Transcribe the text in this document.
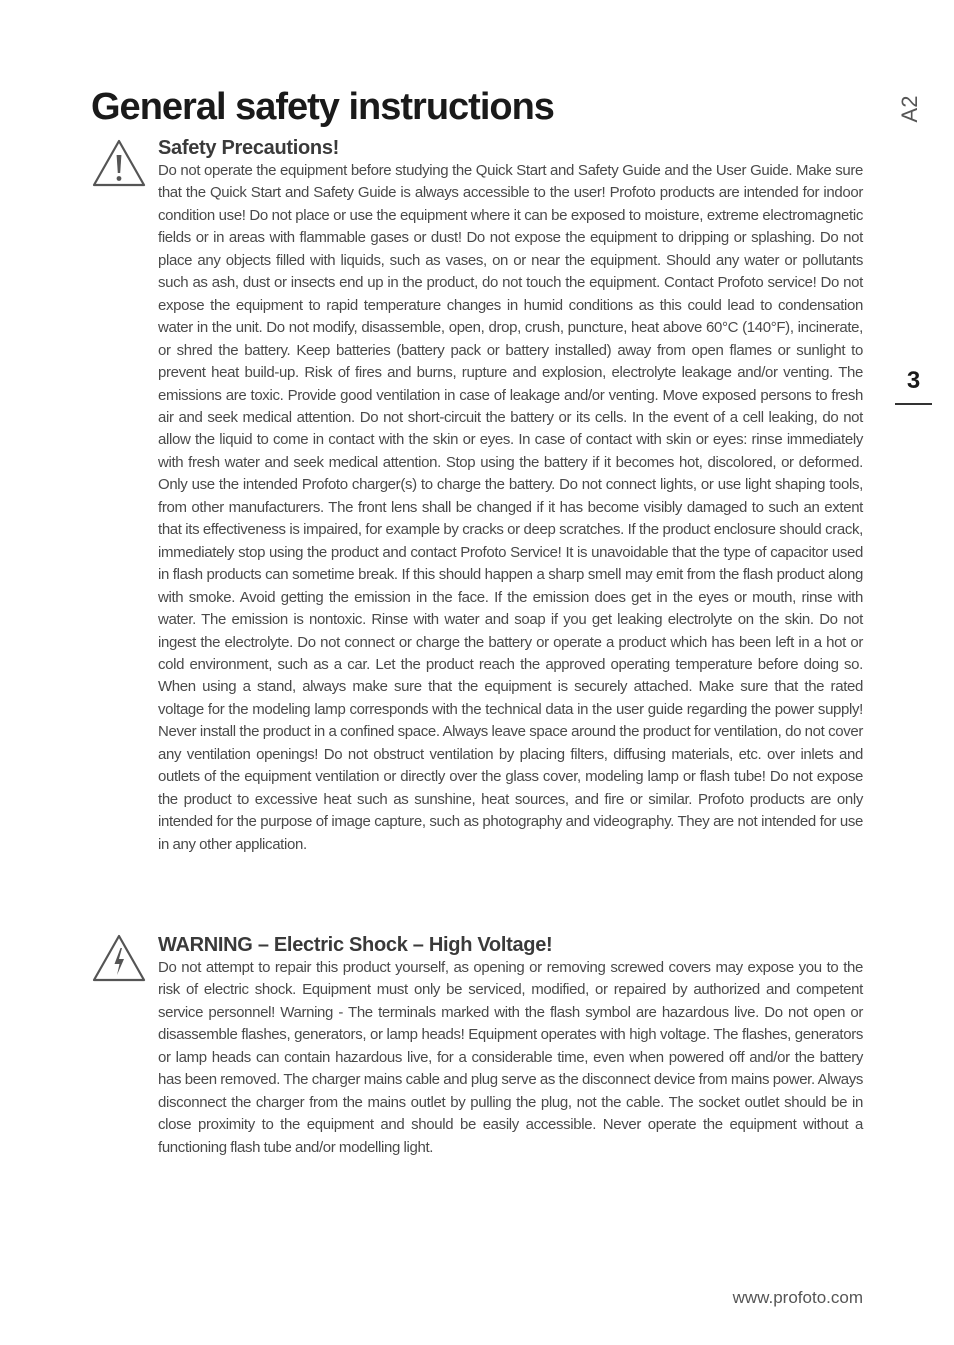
General safety instructions	A2
3
Safety Precautions!

Do not operate the equipment before studying the Quick Start and Safety Guide and the User Guide. Make sure that the Quick Start and Safety Guide is always accessible to the user! Profoto products are intended for indoor condition use! Do not place or use the equipment where it can be exposed to moisture, extreme electromagnetic fields or in areas with flammable gases or dust! Do not expose the equipment to dripping or splashing. Do not place any objects filled with liquids, such as vases, on or near the equipment. Should any water or pollutants such as ash, dust or insects end up in the product, do not touch the equipment. Contact Profoto service! Do not expose the equipment to rapid temperature changes in humid conditions as this could lead to condensation water in the unit. Do not modify, disassemble, open, drop, crush, puncture, heat above 60°C (140°F), incinerate, or shred the battery. Keep batteries (battery pack or battery installed) away from open flames or sunlight to prevent heat build-up. Risk of fires and burns, rupture and explosion, electrolyte leakage and/or venting. The emissions are toxic. Provide good ventilation in case of leakage and/or venting. Move exposed persons to fresh air and seek medical attention. Do not short-circuit the battery or its cells. In the event of a cell leaking, do not allow the liquid to come in contact with the skin or eyes. In case of contact with skin or eyes: rinse immediately with fresh water and seek medical attention. Stop using the battery if it becomes hot, discolored, or deformed. Only use the intended Profoto charger(s) to charge the battery. Do not connect lights, or use light shaping tools, from other manufacturers. The front lens shall be changed if it has become visibly damaged to such an extent that its effectiveness is impaired, for example by cracks or deep scratches. If the product enclosure should crack, immediately stop using the product and contact Profoto Service! It is unavoidable that the type of capacitor used in flash products can sometime break. If this should happen a sharp smell may emit from the flash product along with smoke. Avoid getting the emission in the face. If the emission does get in the eyes or mouth, rinse with water. The emission is nontoxic. Rinse with water and soap if you get leaking electrolyte on the skin. Do not ingest the electrolyte. Do not connect or charge the battery or operate a product which has been left in a hot or cold environment, such as a car. Let the product reach the approved operating temperature before doing so. When using a stand, always make sure that the equipment is securely attached. Make sure that the rated voltage for the modeling lamp corresponds with the technical data in the user guide regarding the power supply! Never install the product in a confined space. Always leave space around the product for ventilation, do not cover any ventilation openings! Do not obstruct ventilation by placing filters, diffusing materials, etc. over inlets and outlets of the equipment ventilation or directly over the glass cover, modeling lamp or flash tube! Do not expose the product to excessive heat such as sunshine, heat sources, and fire or similar. Profoto products are only intended for the purpose of image capture, such as photography and videography. They are not intended for use in any other application.

WARNING – Electric Shock – High Voltage!

Do not attempt to repair this product yourself, as opening or removing screwed covers may expose you to the risk of electric shock. Equipment must only be serviced, modified, or repaired by authorized and competent service personnel! Warning - The terminals marked with the flash symbol are hazardous live. Do not open or disassemble flashes, generators, or lamp heads! Equipment operates with high voltage. The flashes, generators or lamp heads can contain hazardous live, for a considerable time, even when powered off and/or the battery has been removed. The charger mains cable and plug serve as the disconnect device from mains power. Always disconnect the charger from the mains outlet by pulling the plug, not the cable. The socket outlet should be in close proximity to the equipment and should be easily accessible. Never operate the equipment without a functioning flash tube and/or modelling light.

www.profoto.com
